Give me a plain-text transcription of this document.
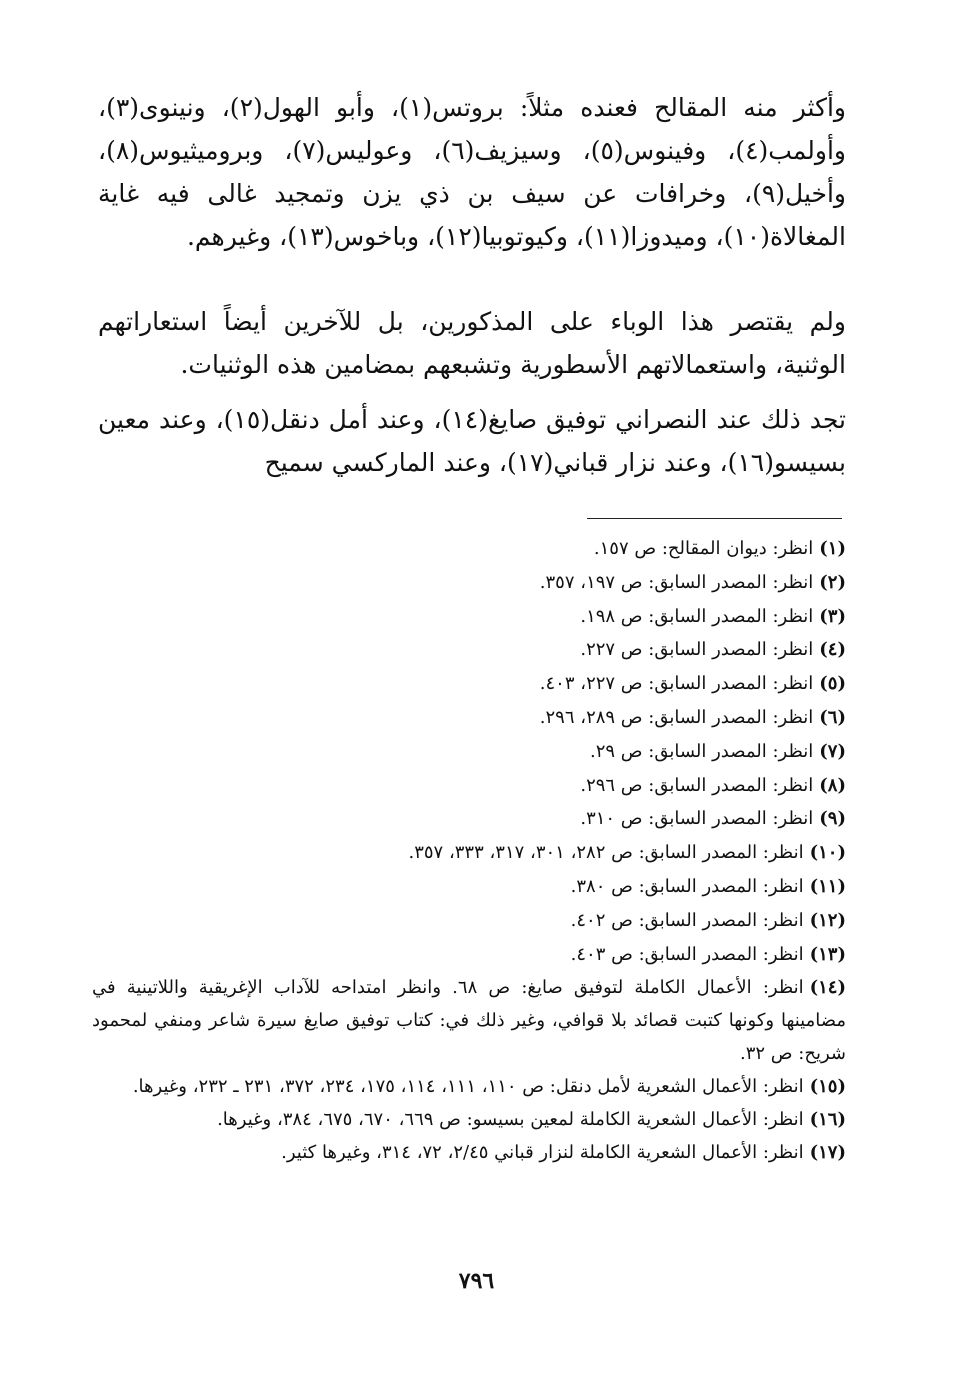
وأكثر منه المقالح فعنده مثلاً: بروتس(١)، وأبو الهول(٢)، ونينوى(٣)، وأولمب(٤)، وفينوس(٥)، وسيزيف(٦)، وعوليس(٧)، وبروميثيوس(٨)، وأخيل(٩)، وخرافات عن سيف بن ذي يزن وتمجيد غالى فيه غاية المغالاة(١٠)، وميدوزا(١١)، وكيوتوبيا(١٢)، وباخوس(١٣)، وغيرهم.

ولم يقتصر هذا الوباء على المذكورين، بل للآخرين أيضاً استعاراتهم الوثنية، واستعمالاتهم الأسطورية وتشبعهم بمضامين هذه الوثنيات.

تجد ذلك عند النصراني توفيق صايغ(١٤)، وعند أمل دنقل(١٥)، وعند معين بسيسو(١٦)، وعند نزار قباني(١٧)، وعند الماركسي سميح

(١)انظر: ديوان المقالح: ص ١٥٧.
(٢)انظر: المصدر السابق: ص ١٩٧، ٣٥٧.
(٣)انظر: المصدر السابق: ص ١٩٨.
(٤)انظر: المصدر السابق: ص ٢٢٧.
(٥)انظر: المصدر السابق: ص ٢٢٧، ٤٠٣.
(٦)انظر: المصدر السابق: ص ٢٨٩، ٢٩٦.
(٧)انظر: المصدر السابق: ص ٢٩.
(٨)انظر: المصدر السابق: ص ٢٩٦.
(٩)انظر: المصدر السابق: ص ٣١٠.
(١٠)انظر: المصدر السابق: ص ٢٨٢، ٣٠١، ٣١٧، ٣٣٣، ٣٥٧.
(١١)انظر: المصدر السابق: ص ٣٨٠.
(١٢)انظر: المصدر السابق: ص ٤٠٢.
(١٣)انظر: المصدر السابق: ص ٤٠٣.
(١٤)انظر: الأعمال الكاملة لتوفيق صايغ: ص ٦٨. وانظر امتداحه للآداب الإغريقية واللاتينية في مضامينها وكونها كتبت قصائد بلا قوافي، وغير ذلك في: كتاب توفيق صايغ سيرة شاعر ومنفي لمحمود شريح: ص ٣٢.
(١٥)انظر: الأعمال الشعرية لأمل دنقل: ص ١١٠، ١١١، ١١٤، ١٧٥، ٢٣٤، ٣٧٢، ٢٣١ ـ ٢٣٢، وغيرها.
(١٦)انظر: الأعمال الشعرية الكاملة لمعين بسيسو: ص ٦٦٩، ٦٧٠، ٦٧٥، ٣٨٤، وغيرها.
(١٧)انظر: الأعمال الشعرية الكاملة لنزار قباني ٢/٤٥، ٧٢، ٣١٤، وغيرها كثير.
٧٩٦
